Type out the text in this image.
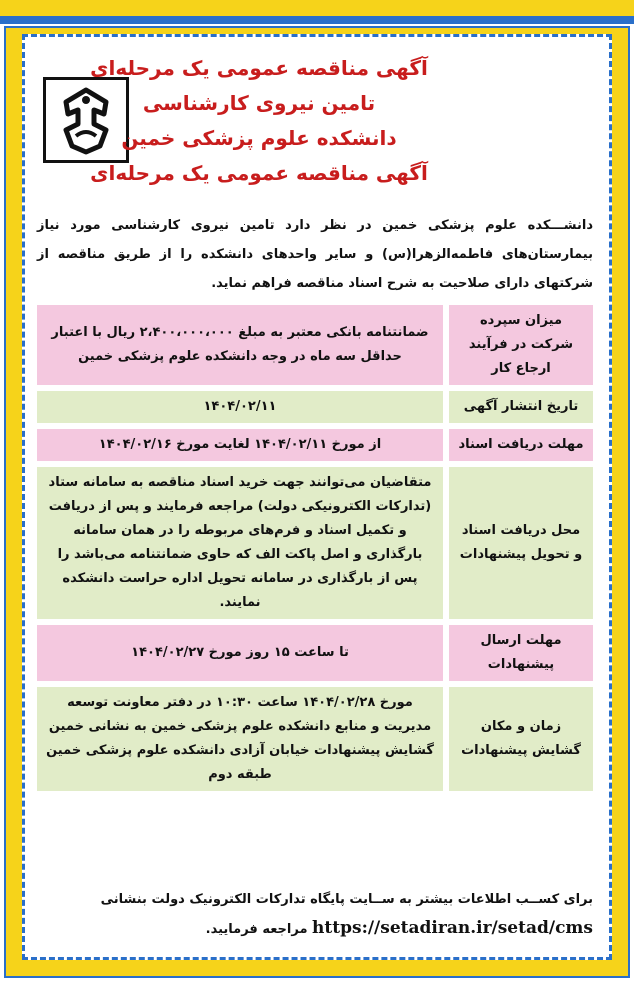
آگهی مناقصه عمومی یک مرحله‌ای
تامین نیروی کارشناسی
دانشکده علوم پزشکی خمین
آگهی مناقصه عمومی یک مرحله‌ای
دانشـــکده علوم پزشکی خمین در نظر دارد تامین نیروی کارشناسی مورد نیاز بیمارستان‌های فاطمه‌الزهرا(س) و سایر واحدهای دانشکده را از طریق مناقصه از شرکتهای دارای صلاحیت به شرح اسناد مناقصه فراهم نماید.
میزان سپرده شرکت در فرآیند ارجاع کار	ضمانتنامه بانکی معتبر به مبلغ ۲،۴۰۰،۰۰۰،۰۰۰ ریال با اعتبار حداقل سه ماه در وجه دانشکده علوم پزشکی خمین
تاریخ انتشار آگهی	۱۴۰۴/۰۲/۱۱
مهلت دریافت اسناد	از مورخ ۱۴۰۴/۰۲/۱۱ لغایت مورخ ۱۴۰۴/۰۲/۱۶
محل دریافت اسناد و تحویل پیشنهادات	متقاضیان می‌توانند جهت خرید اسناد مناقصه به سامانه ستاد (تدارکات الکترونیکی دولت) مراجعه فرمایند و پس از دریافت و تکمیل اسناد و فرم‌های مربوطه را در همان سامانه بارگذاری و اصل پاکت الف که حاوی ضمانتنامه می‌باشد را پس از بارگذاری در سامانه تحویل اداره حراست دانشکده نمایند.
مهلت ارسال پیشنهادات	تا ساعت ۱۵ روز مورخ ۱۴۰۴/۰۲/۲۷
زمان و مکان گشایش پیشنهادات	مورخ ۱۴۰۴/۰۲/۲۸ ساعت ۱۰:۳۰ در دفتر معاونت توسعه مدیریت و منابع دانشکده علوم پزشکی خمین به نشانی خمین گشایش پیشنهادات خیابان آزادی دانشکده علوم پزشکی خمین طبقه دوم
برای کســب اطلاعات بیشتر به ســایت پایگاه تدارکات الکترونیک دولت بنشانی https://setadiran.ir/setad/cms مراجعه فرمایید.
